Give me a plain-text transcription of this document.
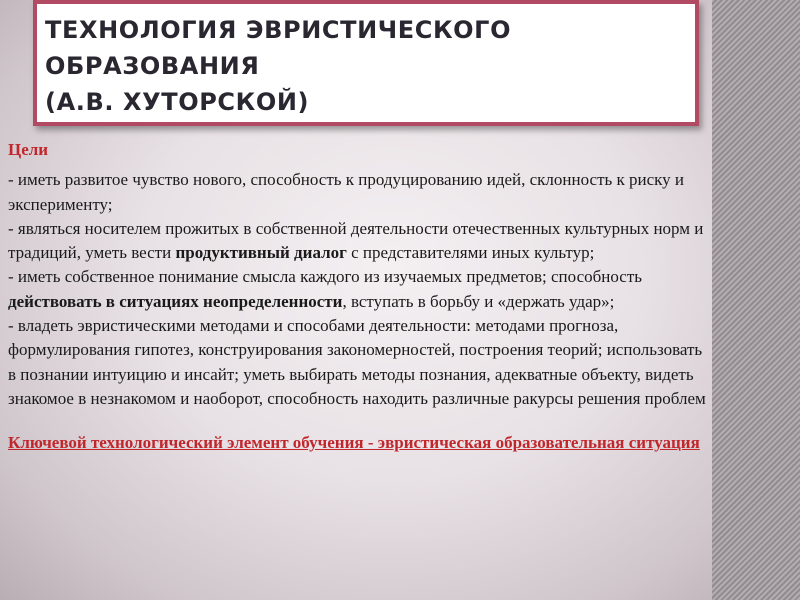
ТЕХНОЛОГИЯ ЭВРИСТИЧЕСКОГО
ОБРАЗОВАНИЯ
(А.В. ХУТОРСКОЙ)
Цели

- иметь развитое чувство нового, способность к продуцированию идей, склонность к риску и эксперименту;

- являться носителем прожитых в собственной деятельности отечественных культурных норм и традиций, уметь вести продуктивный диалог с представителями иных культур;

- иметь собственное понимание смысла каждого из изучаемых предметов; способность действовать в ситуациях неопределенности, вступать в борьбу и «держать удар»;

- владеть эвристическими методами и способами деятельности: методами прогноза, формулирования гипотез, конструирования закономерностей, построения теорий; использовать в познании интуицию и инсайт; уметь выбирать методы познания, адекватные объекту, видеть знакомое в незнакомом и наоборот, способность находить различные ракурсы решения проблем

Ключевой технологический элемент обучения - эвристическая образовательная ситуация
